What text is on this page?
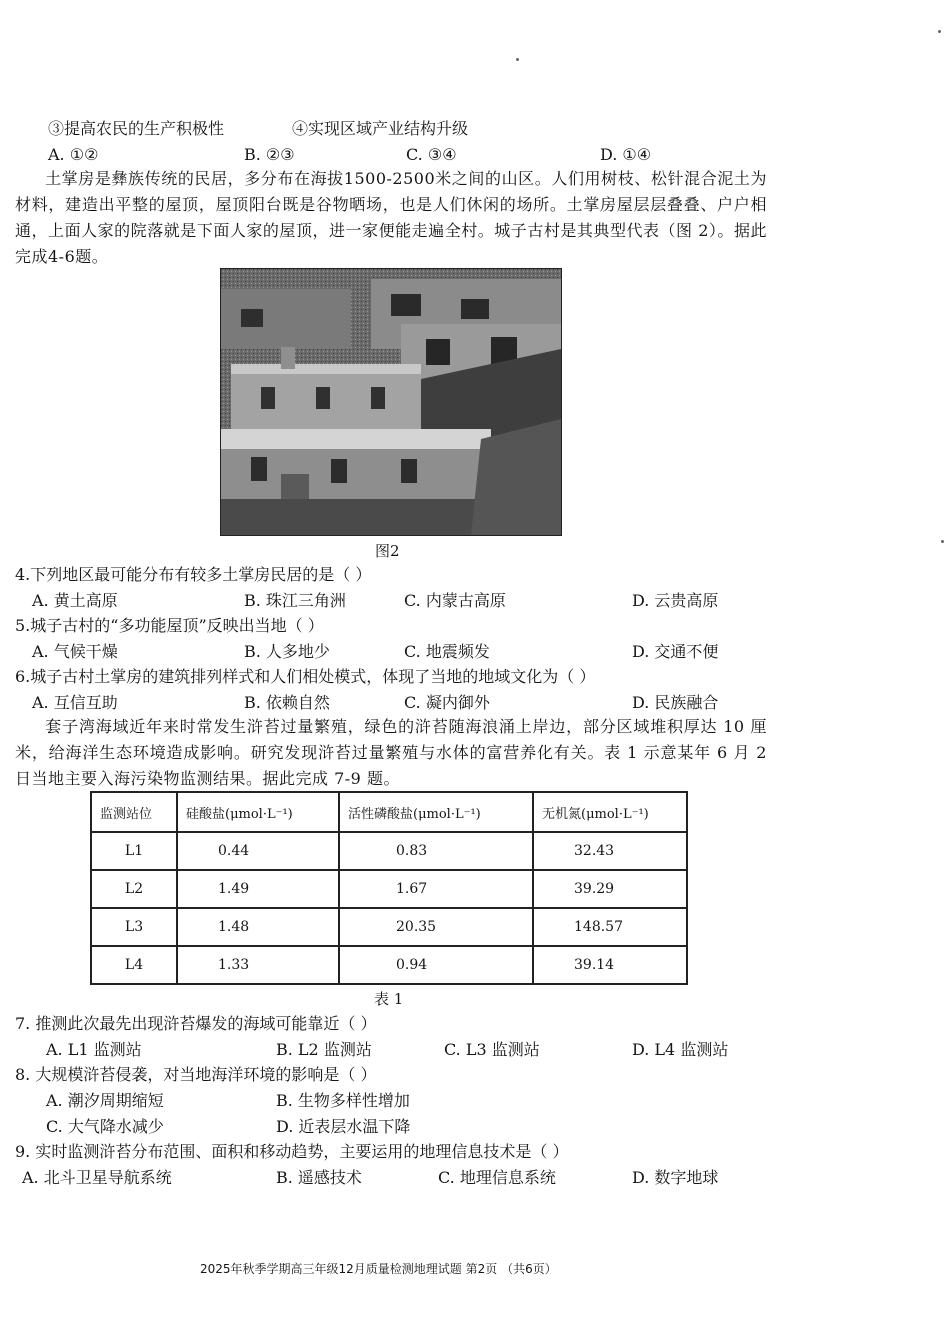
③提高农民的生产积极性	④实现区域产业结构升级
A. ①②	B. ②③	C. ③④	D. ①④
土掌房是彝族传统的民居，多分布在海拔1500-2500米之间的山区。人们用树枝、松针混合泥土为材料，建造出平整的屋顶，屋顶阳台既是谷物晒场，也是人们休闲的场所。土掌房屋层层叠叠、户户相通，上面人家的院落就是下面人家的屋顶，进一家便能走遍全村。城子古村是其典型代表（图 2）。据此完成4-6题。
图2
4.下列地区最可能分布有较多土掌房民居的是（ ）
A. 黄土高原	B. 珠江三角洲	C. 内蒙古高原	D. 云贵高原
5.城子古村的“多功能屋顶”反映出当地（ ）
A. 气候干燥	B. 人多地少	C. 地震频发	D. 交通不便
6.城子古村土掌房的建筑排列样式和人们相处模式，体现了当地的地域文化为（ ）
A. 互信互助	B. 依赖自然	C. 凝内御外	D. 民族融合
套子湾海域近年来时常发生浒苔过量繁殖，绿色的浒苔随海浪涌上岸边，部分区域堆积厚达 10 厘米，给海洋生态环境造成影响。研究发现浒苔过量繁殖与水体的富营养化有关。表 1 示意某年 6 月 2 日当地主要入海污染物监测结果。据此完成 7-9 题。
监测站位	硅酸盐(μmol·L⁻¹)	活性磷酸盐(μmol·L⁻¹)	无机氮(μmol·L⁻¹)
L1	0.44	0.83	32.43
L2	1.49	1.67	39.29
L3	1.48	20.35	148.57
L4	1.33	0.94	39.14
表 1
7. 推测此次最先出现浒苔爆发的海域可能靠近（ ）
A. L1 监测站	B. L2 监测站	C. L3 监测站	D. L4 监测站
8. 大规模浒苔侵袭，对当地海洋环境的影响是（ ）
A. 潮汐周期缩短	B. 生物多样性增加
C. 大气降水减少	D. 近表层水温下降
9. 实时监测浒苔分布范围、面积和移动趋势，主要运用的地理信息技术是（ ）
A. 北斗卫星导航系统	B. 遥感技术	C. 地理信息系统	D. 数字地球
2025年秋季学期高三年级12月质量检测地理试题 第2页 （共6页）
